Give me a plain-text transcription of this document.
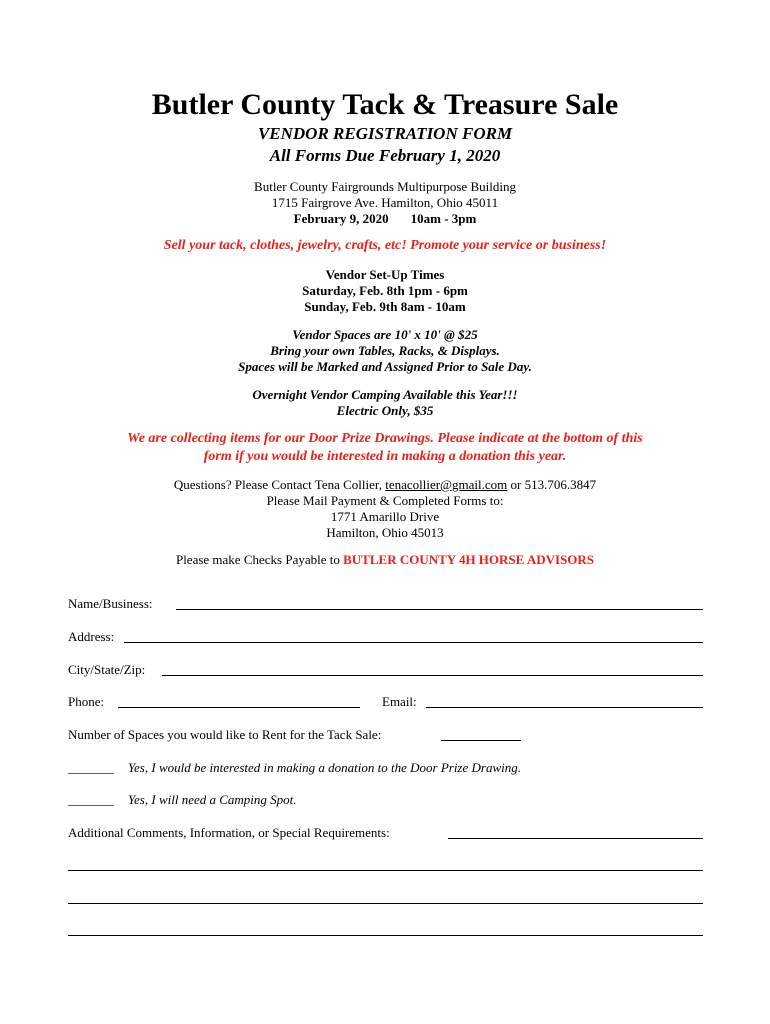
Butler County Tack & Treasure Sale
VENDOR REGISTRATION FORM
All Forms Due February 1, 2020
Butler County Fairgrounds Multipurpose Building
1715 Fairgrove Ave. Hamilton, Ohio 45011
February 9, 2020 10am - 3pm
Sell your tack, clothes, jewelry, crafts, etc! Promote your service or business!
Vendor Set-Up Times
Saturday, Feb. 8th 1pm - 6pm
Sunday, Feb. 9th 8am - 10am
Vendor Spaces are 10' x 10' @ $25
Bring your own Tables, Racks, & Displays.
Spaces will be Marked and Assigned Prior to Sale Day.
Overnight Vendor Camping Available this Year!!!
Electric Only, $35
We are collecting items for our Door Prize Drawings. Please indicate at the bottom of this
form if you would be interested in making a donation this year.
Questions? Please Contact Tena Collier, tenacollier@gmail.com or 513.706.3847
Please Mail Payment & Completed Forms to:
1771 Amarillo Drive
Hamilton, Ohio 45013
Please make Checks Payable to BUTLER COUNTY 4H HORSE ADVISORS
Name/Business:
Address:
City/State/Zip:
Phone:	Email:
Number of Spaces you would like to Rent for the Tack Sale:
_______ Yes, I would be interested in making a donation to the Door Prize Drawing.
_______ Yes, I will need a Camping Spot.
Additional Comments, Information, or Special Requirements:
